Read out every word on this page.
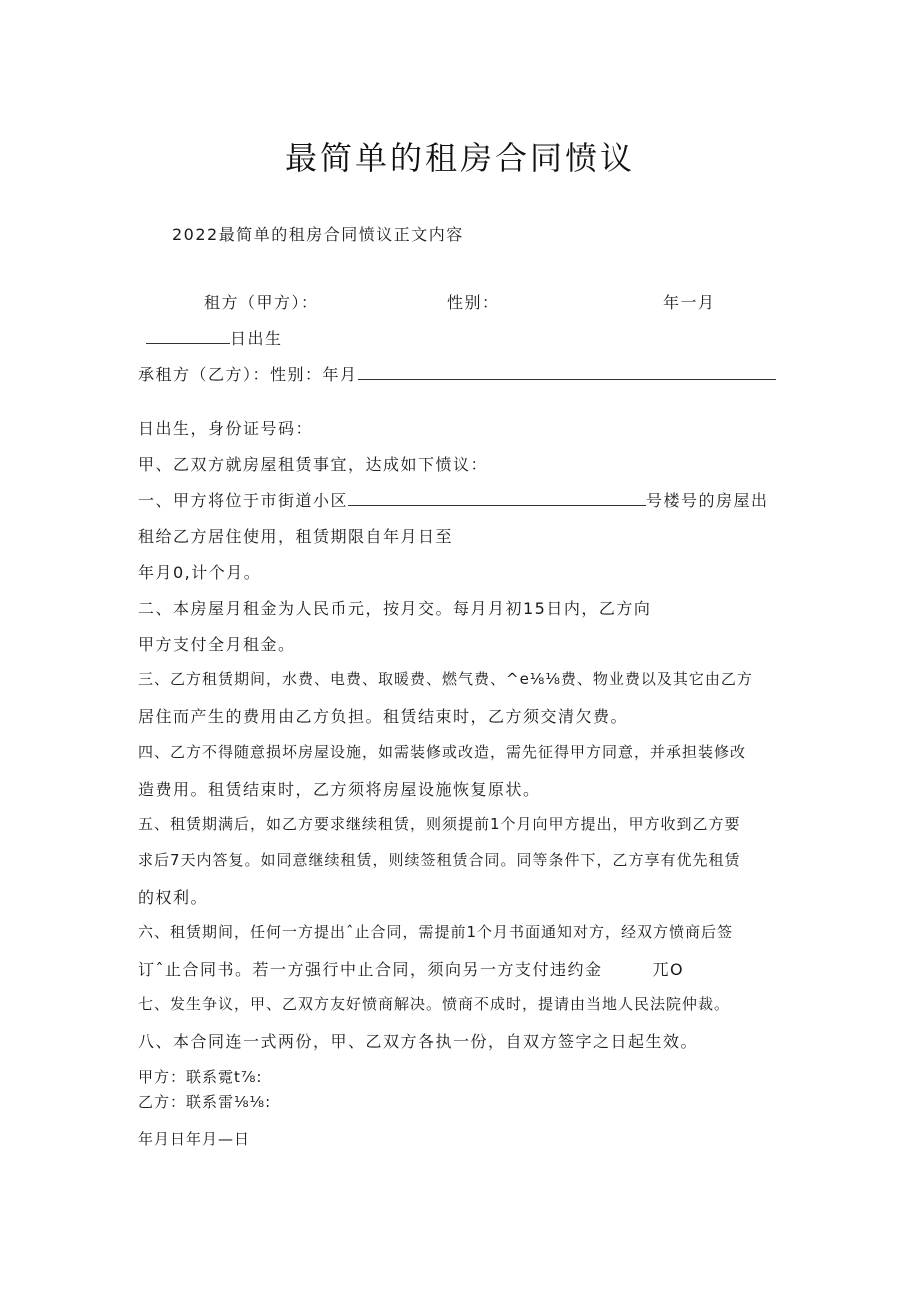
最简单的租房合同愤议
2022最简单的租房合同愤议正文内容
租方（甲方）：	性别：	年一月
日出生
承租方（乙方）：性别：年月
日出生，身份证号码：
甲、乙双方就房屋租赁事宜，达成如下愤议：
一、甲方将位于市街道小区	号楼号的房屋出
租给乙方居住使用，租赁期限自年月日至
年月0,计个月。
二、本房屋月租金为人民币元，按月交。每月月初15日内，乙方向
甲方支付全月租金。
三、乙方租赁期间，水费、电费、取暖费、燃气费、^e⅛⅛费、物业费以及其它由乙方
居住而产生的费用由乙方负担。租赁结束时，乙方须交清欠费。
四、乙方不得随意损坏房屋设施，如需装修或改造，需先征得甲方同意，并承担装修改
造费用。租赁结束时，乙方须将房屋设施恢复原状。
五、租赁期满后，如乙方要求继续租赁，则须提前1个月向甲方提出，甲方收到乙方要
求后7天内答复。如同意继续租赁，则续签租赁合同。同等条件下，乙方享有优先租赁
的权利。
六、租赁期间，任何一方提出ˆ止合同，需提前1个月书面通知对方，经双方愤商后签
订ˆ止合同书。若一方强行中止合同，须向另一方支付违约金	兀O
七、发生争议，甲、乙双方友好愤商解决。愤商不成时，提请由当地人民法院仲裁。
八、本合同连一式两份，甲、乙双方各执一份，自双方签字之日起生效。
甲方：联系霓t⅞:
乙方：联系雷⅛⅛:
年月日年月—日
